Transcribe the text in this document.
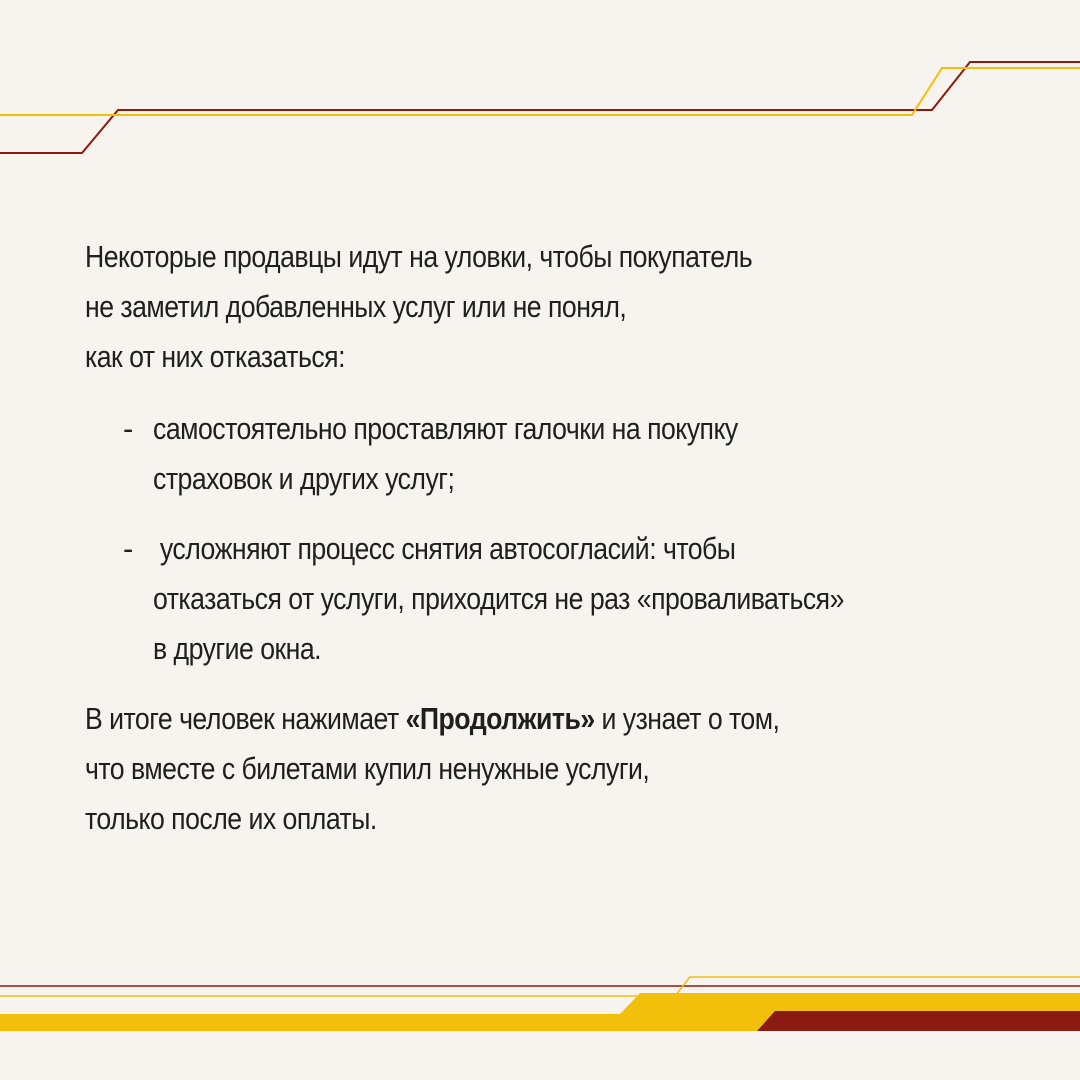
Некоторые продавцы идут на уловки, чтобы покупатель
не заметил добавленных услуг или не понял,
как от них отказаться:
- самостоятельно проставляют галочки на покупку
страховок и других услуг;
- усложняют процесс снятия автосогласий: чтобы
отказаться от услуги, приходится не раз «проваливаться»
в другие окна.
В итоге человек нажимает «Продолжить» и узнает о том,
что вместе с билетами купил ненужные услуги,
только после их оплаты.
